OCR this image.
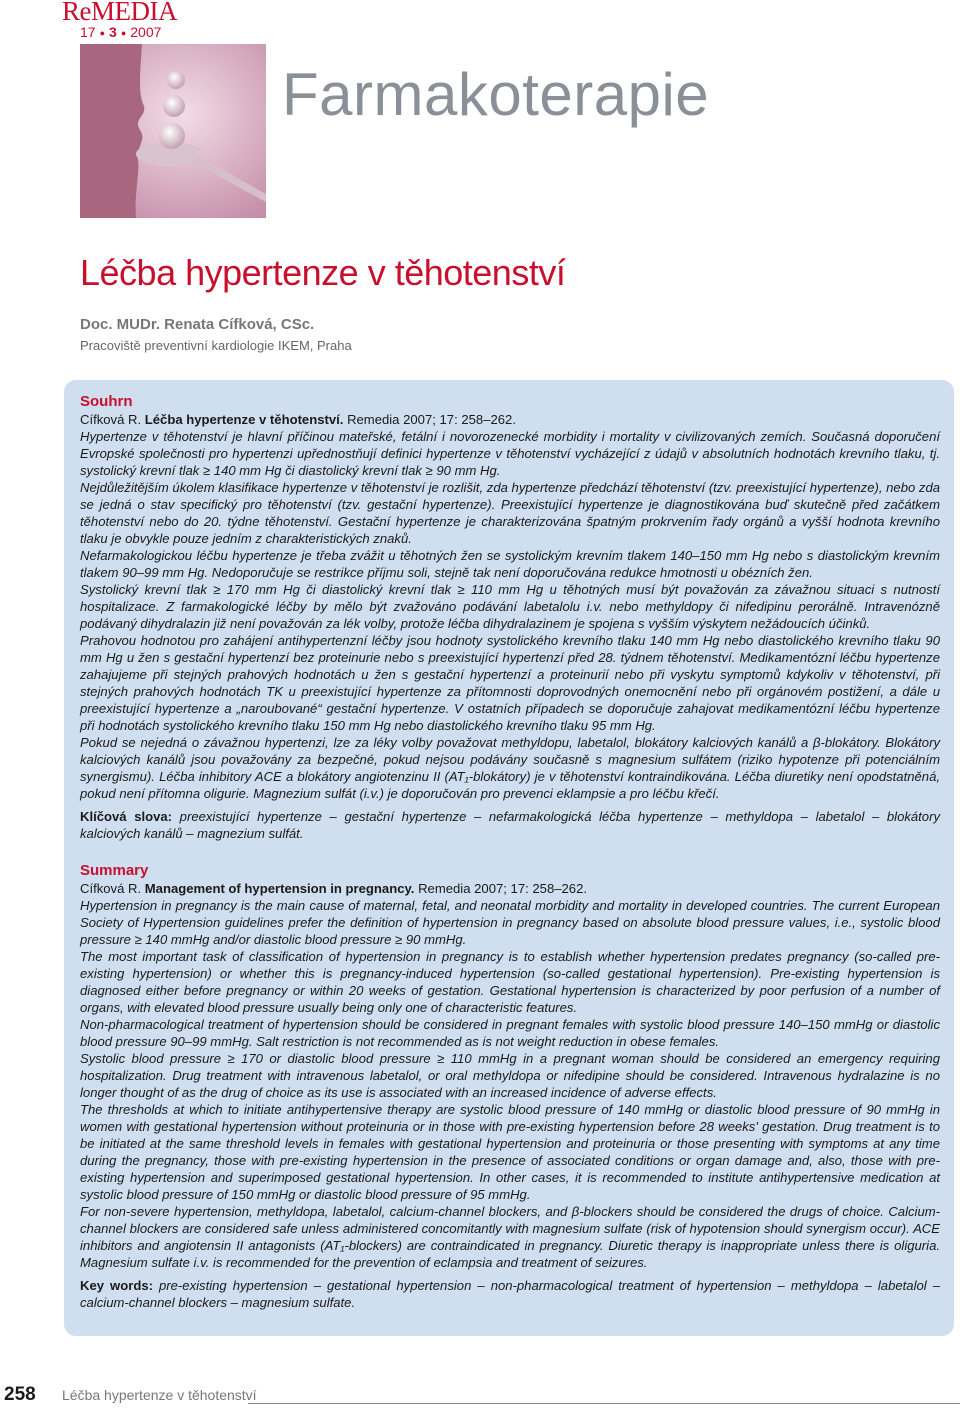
ReMEDIA
17 ● 3 ● 2007
Farmakoterapie
Léčba hypertenze v těhotenství
Doc. MUDr. Renata Cífková, CSc.
Pracoviště preventivní kardiologie IKEM, Praha

Souhrn

Cífková R. Léčba hypertenze v těhotenství. Remedia 2007; 17: 258–262.

Hypertenze v těhotenství je hlavní příčinou mateřské, fetální i novorozenecké morbidity i mortality v civilizovaných zemích. Současná doporučení Evropské společnosti pro hypertenzi upřednostňují definici hypertenze v těhotenství vycházející z údajů v absolutních hodnotách krevního tlaku, tj. systolický krevní tlak ≥ 140 mm Hg či diastolický krevní tlak ≥ 90 mm Hg.

Nejdůležitějším úkolem klasifikace hypertenze v těhotenství je rozlišit, zda hypertenze předchází těhotenství (tzv. preexistující hypertenze), nebo zda se jedná o stav specifický pro těhotenství (tzv. gestační hypertenze). Preexistující hypertenze je diagnostikována buď skutečně před začátkem těhotenství nebo do 20. týdne těhotenství. Gestační hypertenze je charakterizována špatným prokrvením řady orgánů a vyšší hodnota krevního tlaku je obvykle pouze jedním z charakteristických znaků.

Nefarmakologickou léčbu hypertenze je třeba zvážit u těhotných žen se systolickým krevním tlakem 140–150 mm Hg nebo s diastolickým krevním tlakem 90–99 mm Hg. Nedoporučuje se restrikce příjmu soli, stejně tak není doporučována redukce hmotnosti u obézních žen.

Systolický krevní tlak ≥ 170 mm Hg či diastolický krevní tlak ≥ 110 mm Hg u těhotných musí být považován za závažnou situaci s nutností hospitalizace. Z farmakologické léčby by mělo být zvažováno podávání labetalolu i.v. nebo methyldopy či nifedipinu perorálně. Intravenózně podávaný dihydralazin již není považován za lék volby, protože léčba dihydralazinem je spojena s vyšším výskytem nežádoucích účinků.

Prahovou hodnotou pro zahájení antihypertenzní léčby jsou hodnoty systolického krevního tlaku 140 mm Hg nebo diastolického krevního tlaku 90 mm Hg u žen s gestační hypertenzí bez proteinurie nebo s preexistující hypertenzí před 28. týdnem těhotenství. Medikamentózní léčbu hypertenze zahajujeme při stejných prahových hodnotách u žen s gestační hypertenzí a proteinurií nebo při vyskytu symptomů kdykoliv v těhotenství, při stejných prahových hodnotách TK u preexistující hypertenze za přítomnosti doprovodných onemocnění nebo při orgánovém postižení, a dále u preexistující hypertenze a „naroubované“ gestační hypertenze. V ostatních případech se doporučuje zahajovat medikamentózní léčbu hypertenze při hodnotách systolického krevního tlaku 150 mm Hg nebo diastolického krevního tlaku 95 mm Hg.

Pokud se nejedná o závažnou hypertenzi, lze za léky volby považovat methyldopu, labetalol, blokátory kalciových kanálů a β-blokátory. Blokátory kalciových kanálů jsou považovány za bezpečné, pokud nejsou podávány současně s magnesium sulfátem (riziko hypotenze při potenciálním synergismu). Léčba inhibitory ACE a blokátory angiotenzinu II (AT₁-blokátory) je v těhotenství kontraindikována. Léčba diuretiky není opodstatněná, pokud není přítomna oligurie. Magnezium sulfát (i.v.) je doporučován pro prevenci eklampsie a pro léčbu křečí.

Klíčová slova: preexistující hypertenze – gestační hypertenze – nefarmakologická léčba hypertenze – methyldopa – labetalol – blokátory kalciových kanálů – magnezium sulfát.

Summary

Cífková R. Management of hypertension in pregnancy. Remedia 2007; 17: 258–262.

Hypertension in pregnancy is the main cause of maternal, fetal, and neonatal morbidity and mortality in developed countries. The current European Society of Hypertension guidelines prefer the definition of hypertension in pregnancy based on absolute blood pressure values, i.e., systolic blood pressure ≥ 140 mmHg and/or diastolic blood pressure ≥ 90 mmHg.

The most important task of classification of hypertension in pregnancy is to establish whether hypertension predates pregnancy (so-called pre-existing hypertension) or whether this is pregnancy-induced hypertension (so-called gestational hypertension). Pre-existing hypertension is diagnosed either before pregnancy or within 20 weeks of gestation. Gestational hypertension is characterized by poor perfusion of a number of organs, with elevated blood pressure usually being only one of characteristic features.

Non-pharmacological treatment of hypertension should be considered in pregnant females with systolic blood pressure 140–150 mmHg or diastolic blood pressure 90–99 mmHg. Salt restriction is not recommended as is not weight reduction in obese females.

Systolic blood pressure ≥ 170 or diastolic blood pressure ≥ 110 mmHg in a pregnant woman should be considered an emergency requiring hospitalization. Drug treatment with intravenous labetalol, or oral methyldopa or nifedipine should be considered. Intravenous hydralazine is no longer thought of as the drug of choice as its use is associated with an increased incidence of adverse effects.

The thresholds at which to initiate antihypertensive therapy are systolic blood pressure of 140 mmHg or diastolic blood pressure of 90 mmHg in women with gestational hypertension without proteinuria or in those with pre-existing hypertension before 28 weeks' gestation. Drug treatment is to be initiated at the same threshold levels in females with gestational hypertension and proteinuria or those presenting with symptoms at any time during the pregnancy, those with pre-existing hypertension in the presence of associated conditions or organ damage and, also, those with pre-existing hypertension and superimposed gestational hypertension. In other cases, it is recommended to institute antihypertensive medication at systolic blood pressure of 150 mmHg or diastolic blood pressure of 95 mmHg.

For non-severe hypertension, methyldopa, labetalol, calcium-channel blockers, and β-blockers should be considered the drugs of choice. Calcium-channel blockers are considered safe unless administered concomitantly with magnesium sulfate (risk of hypotension should synergism occur). ACE inhibitors and angiotensin II antagonists (AT₁-blockers) are contraindicated in pregnancy. Diuretic therapy is inappropriate unless there is oliguria. Magnesium sulfate i.v. is recommended for the prevention of eclampsia and treatment of seizures.

Key words: pre-existing hypertension – gestational hypertension – non-pharmacological treatment of hypertension – methyldopa – labetalol – calcium-channel blockers – magnesium sulfate.

258 Léčba hypertenze v těhotenství
